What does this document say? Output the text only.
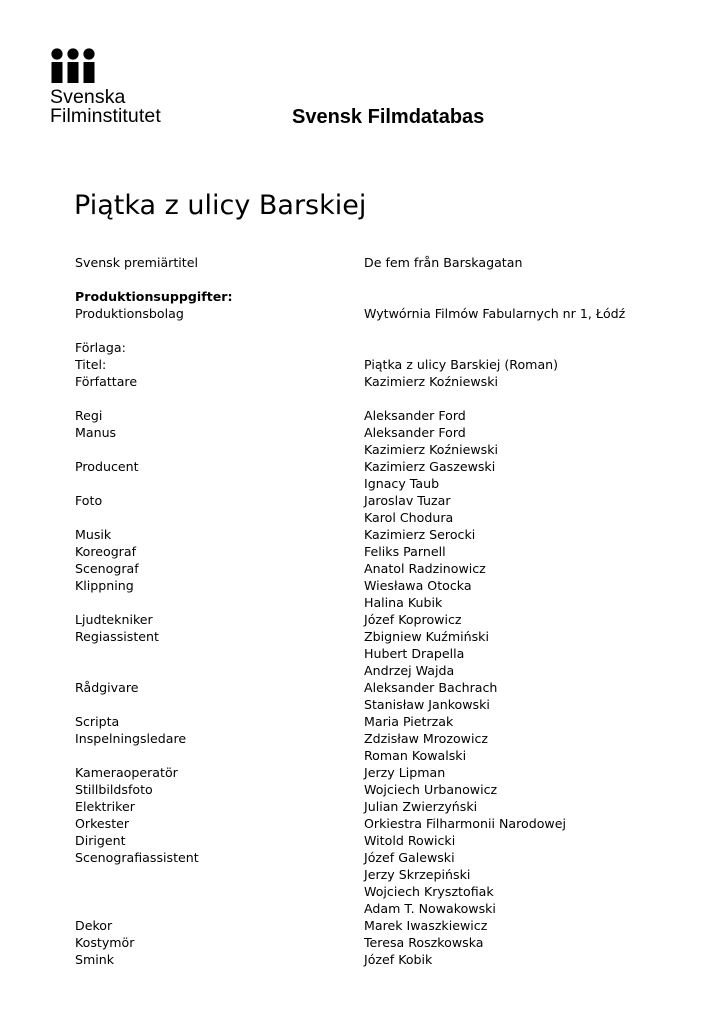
Svenska
Filminstitutet	Svensk Filmdatabas
Piątka z ulicy Barskiej
Svensk premiärtitel	De fem från Barskagatan
Produktionsuppgifter:
Produktionsbolag	Wytwórnia Filmów Fabularnych nr 1, Łódź
Förlaga:
Titel:	Piątka z ulicy Barskiej (Roman)
Författare	Kazimierz Koźniewski
Regi	Aleksander Ford
Manus	Aleksander Ford
Kazimierz Koźniewski
Producent	Kazimierz Gaszewski
Ignacy Taub
Foto	Jaroslav Tuzar
Karol Chodura
Musik	Kazimierz Serocki
Koreograf	Feliks Parnell
Scenograf	Anatol Radzinowicz
Klippning	Wiesława Otocka
Halina Kubik
Ljudtekniker	Józef Koprowicz
Regiassistent	Zbigniew Kuźmiński
Hubert Drapella
Andrzej Wajda
Rådgivare	Aleksander Bachrach
Stanisław Jankowski
Scripta	Maria Pietrzak
Inspelningsledare	Zdzisław Mrozowicz
Roman Kowalski
Kameraoperatör	Jerzy Lipman
Stillbildsfoto	Wojciech Urbanowicz
Elektriker	Julian Zwierzyński
Orkester	Orkiestra Filharmonii Narodowej
Dirigent	Witold Rowicki
Scenografiassistent	Józef Galewski
Jerzy Skrzepiński
Wojciech Krysztofiak
Adam T. Nowakowski
Dekor	Marek Iwaszkiewicz
Kostymör	Teresa Roszkowska
Smink	Józef Kobik
